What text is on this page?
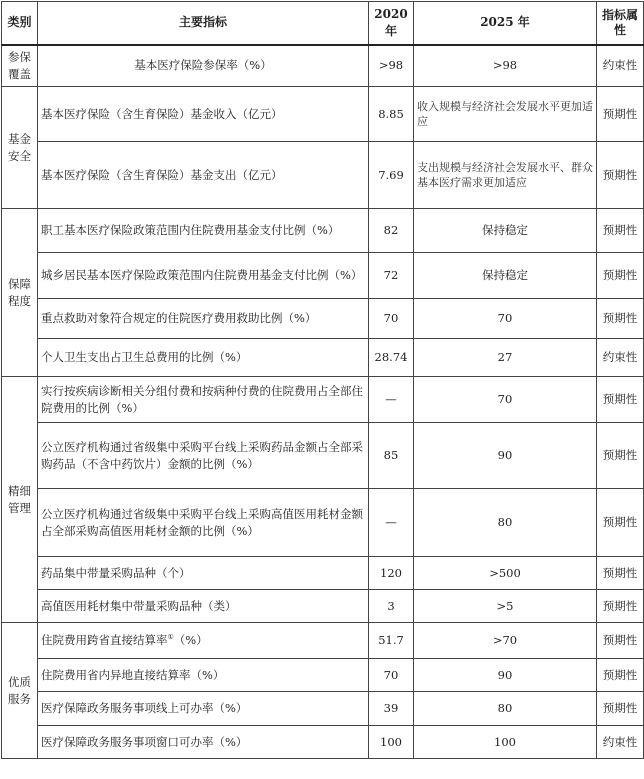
类别	主要指标	2020 年	2025 年	指标属性

参保覆盖	基本医疗保险参保率（%）	>98	>98	约束性

基金安全	基本医疗保险（含生育保险）基金收入（亿元）	8.85	收入规模与经济社会发展水平更加适应	预期性
	基本医疗保险（含生育保险）基金支出（亿元）	7.69	支出规模与经济社会发展水平、群众基本医疗需求更加适应	预期性

保障程度	职工基本医疗保险政策范围内住院费用基金支付比例（%）	82	保持稳定	预期性
	城乡居民基本医疗保险政策范围内住院费用基金支付比例（%）	72	保持稳定	预期性
	重点救助对象符合规定的住院医疗费用救助比例（%）	70	70	预期性
	个人卫生支出占卫生总费用的比例（%）	28.74	27	约束性

精细管理	实行按疾病诊断相关分组付费和按病种付费的住院费用占全部住院费用的比例（%）	—	70	预期性
	公立医疗机构通过省级集中采购平台线上采购药品金额占全部采购药品（不含中药饮片）金额的比例（%）	85	90	预期性
	公立医疗机构通过省级集中采购平台线上采购高值医用耗材金额占全部采购高值医用耗材金额的比例（%）	—	80	预期性
	药品集中带量采购品种（个）	120	>500	预期性
	高值医用耗材集中带量采购品种（类）	3	>5	预期性

优质服务	住院费用跨省直接结算率①（%）	51.7	>70	预期性
	住院费用省内异地直接结算率（%）	70	90	预期性
	医疗保障政务服务事项线上可办率（%）	39	80	预期性
	医疗保障政务服务事项窗口可办率（%）	100	100	约束性
